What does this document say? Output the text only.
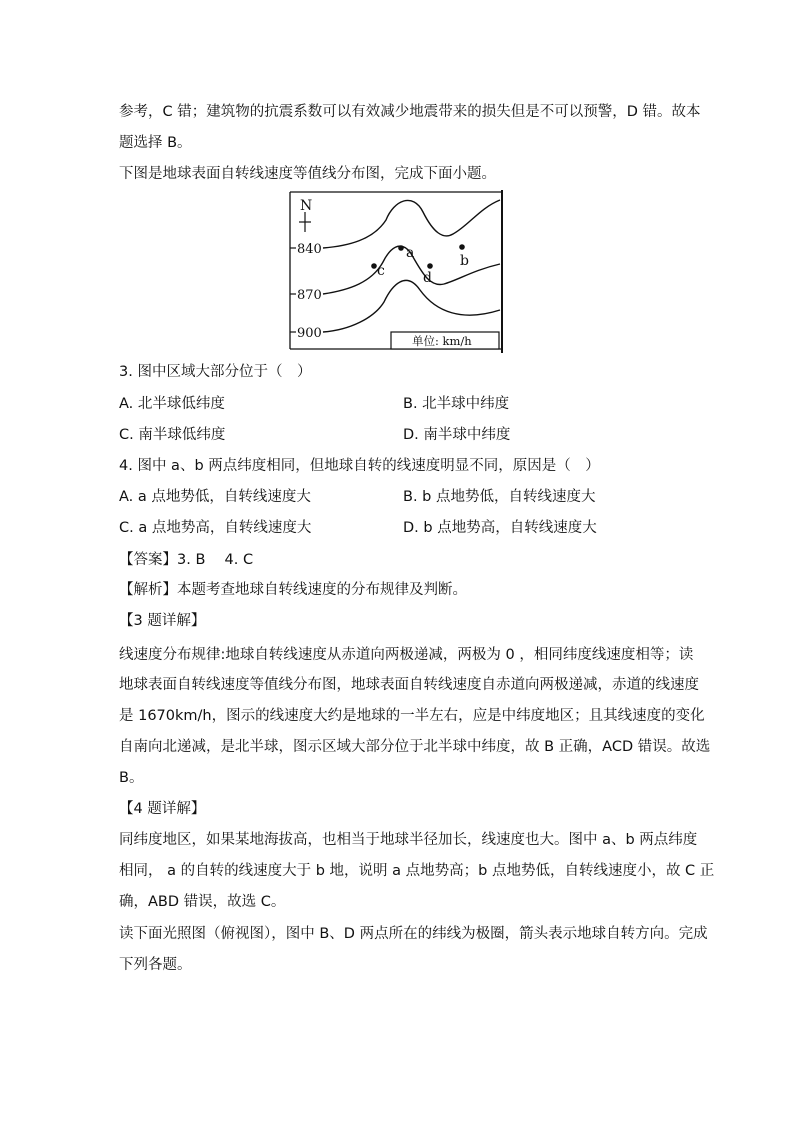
参考，C 错；建筑物的抗震系数可以有效减少地震带来的损失但是不可以预警，D 错。故本
题选择 B。
下图是地球表面自转线速度等值线分布图，完成下面小题。
N
840
870
900
a	b
c	d
单位: km/h
3. 图中区域大部分位于（　）
A. 北半球低纬度	B. 北半球中纬度
C. 南半球低纬度	D. 南半球中纬度
4. 图中 a、b 两点纬度相同，但地球自转的线速度明显不同，原因是（　）
A. a 点地势低，自转线速度大	B. b 点地势低，自转线速度大
C. a 点地势高，自转线速度大	D. b 点地势高，自转线速度大
【答案】3. B　 4. C
【解析】本题考查地球自转线速度的分布规律及判断。
【3 题详解】
线速度分布规律:地球自转线速度从赤道向两极递减，两极为 0 ，相同纬度线速度相等；读
地球表面自转线速度等值线分布图，地球表面自转线速度自赤道向两极递减，赤道的线速度
是 1670km/h，图示的线速度大约是地球的一半左右，应是中纬度地区；且其线速度的变化
自南向北递减，是北半球，图示区域大部分位于北半球中纬度，故 B 正确，ACD 错误。故选
B。
【4 题详解】
同纬度地区，如果某地海拔高，也相当于地球半径加长，线速度也大。图中 a、b 两点纬度
相同， a 的自转的线速度大于 b 地，说明 a 点地势高；b 点地势低，自转线速度小，故 C 正
确，ABD 错误，故选 C。
读下面光照图（俯视图），图中 B、D 两点所在的纬线为极圈，箭头表示地球自转方向。完成
下列各题。
